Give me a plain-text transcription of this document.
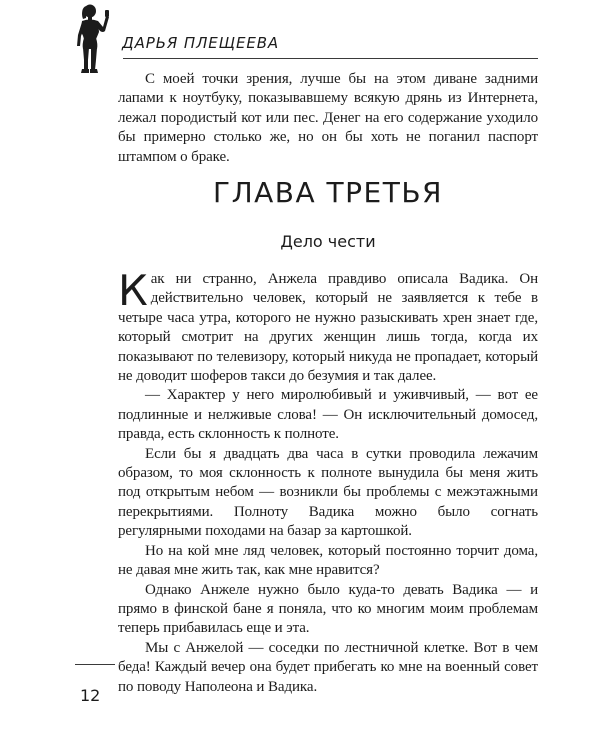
ДАРЬЯ ПЛЕЩЕЕВА

С моей точки зрения, лучше бы на этом диване задними лапами к ноутбуку, показывавшему всякую дрянь из Интернета, лежал породистый кот или пес. Денег на его содержание уходило бы примерно столько же, но он бы хоть не поганил паспорт штампом о браке.

ГЛАВА ТРЕТЬЯ
Дело чести

Как ни странно, Анжела правдиво описала Вадика. Он действительно человек, который не заявляется к тебе в четыре часа утра, которого не нужно разыскивать хрен знает где, который смотрит на других женщин лишь тогда, когда их показывают по телевизору, который никуда не пропадает, который не доводит шоферов такси до безумия и так далее.

— Характер у него миролюбивый и уживчивый, — вот ее подлинные и нелживые слова! — Он исключительный домосед, правда, есть склонность к полноте.

Если бы я двадцать два часа в сутки проводила лежачим образом, то моя склонность к полноте вынудила бы меня жить под открытым небом — возникли бы проблемы с межэтажными перекрытиями. Полноту Вадика можно было согнать регулярными походами на базар за картошкой.

Но на кой мне ляд человек, который постоянно торчит дома, не давая мне жить так, как мне нравится?

Однако Анжеле нужно было куда-то девать Вадика — и прямо в финской бане я поняла, что ко многим моим проблемам теперь прибавилась еще и эта.

Мы с Анжелой — соседки по лестничной клетке. Вот в чем беда! Каждый вечер она будет прибегать ко мне на военный совет по поводу Наполеона и Вадика.

12
